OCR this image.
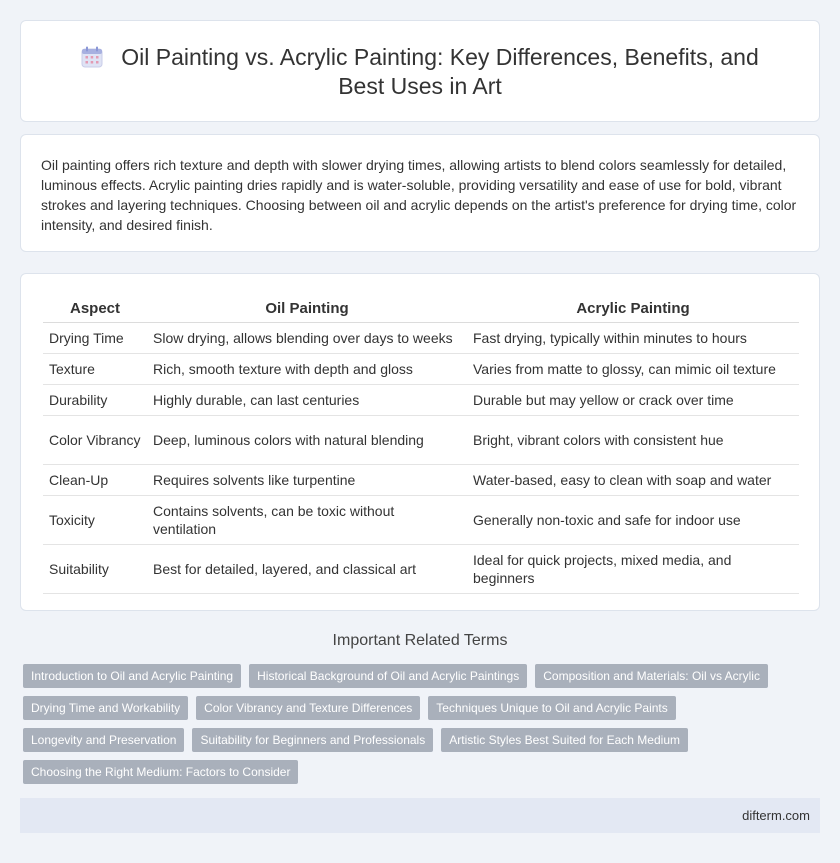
Oil Painting vs. Acrylic Painting: Key Differences, Benefits, and Best Uses in Art

Oil painting offers rich texture and depth with slower drying times, allowing artists to blend colors seamlessly for detailed, luminous effects. Acrylic painting dries rapidly and is water-soluble, providing versatility and ease of use for bold, vibrant strokes and layering techniques. Choosing between oil and acrylic depends on the artist's preference for drying time, color intensity, and desired finish.

Aspect	Oil Painting	Acrylic Painting
Drying Time	Slow drying, allows blending over days to weeks	Fast drying, typically within minutes to hours
Texture	Rich, smooth texture with depth and gloss	Varies from matte to glossy, can mimic oil texture
Durability	Highly durable, can last centuries	Durable but may yellow or crack over time
Color Vibrancy	Deep, luminous colors with natural blending	Bright, vibrant colors with consistent hue
Clean-Up	Requires solvents like turpentine	Water-based, easy to clean with soap and water
Toxicity	Contains solvents, can be toxic without ventilation	Generally non-toxic and safe for indoor use
Suitability	Best for detailed, layered, and classical art	Ideal for quick projects, mixed media, and beginners
Important Related Terms
Introduction to Oil and Acrylic Painting	Historical Background of Oil and Acrylic Paintings	Composition and Materials: Oil vs Acrylic
Drying Time and Workability	Color Vibrancy and Texture Differences	Techniques Unique to Oil and Acrylic Paints
Longevity and Preservation	Suitability for Beginners and Professionals	Artistic Styles Best Suited for Each Medium
Choosing the Right Medium: Factors to Consider
difterm.com
